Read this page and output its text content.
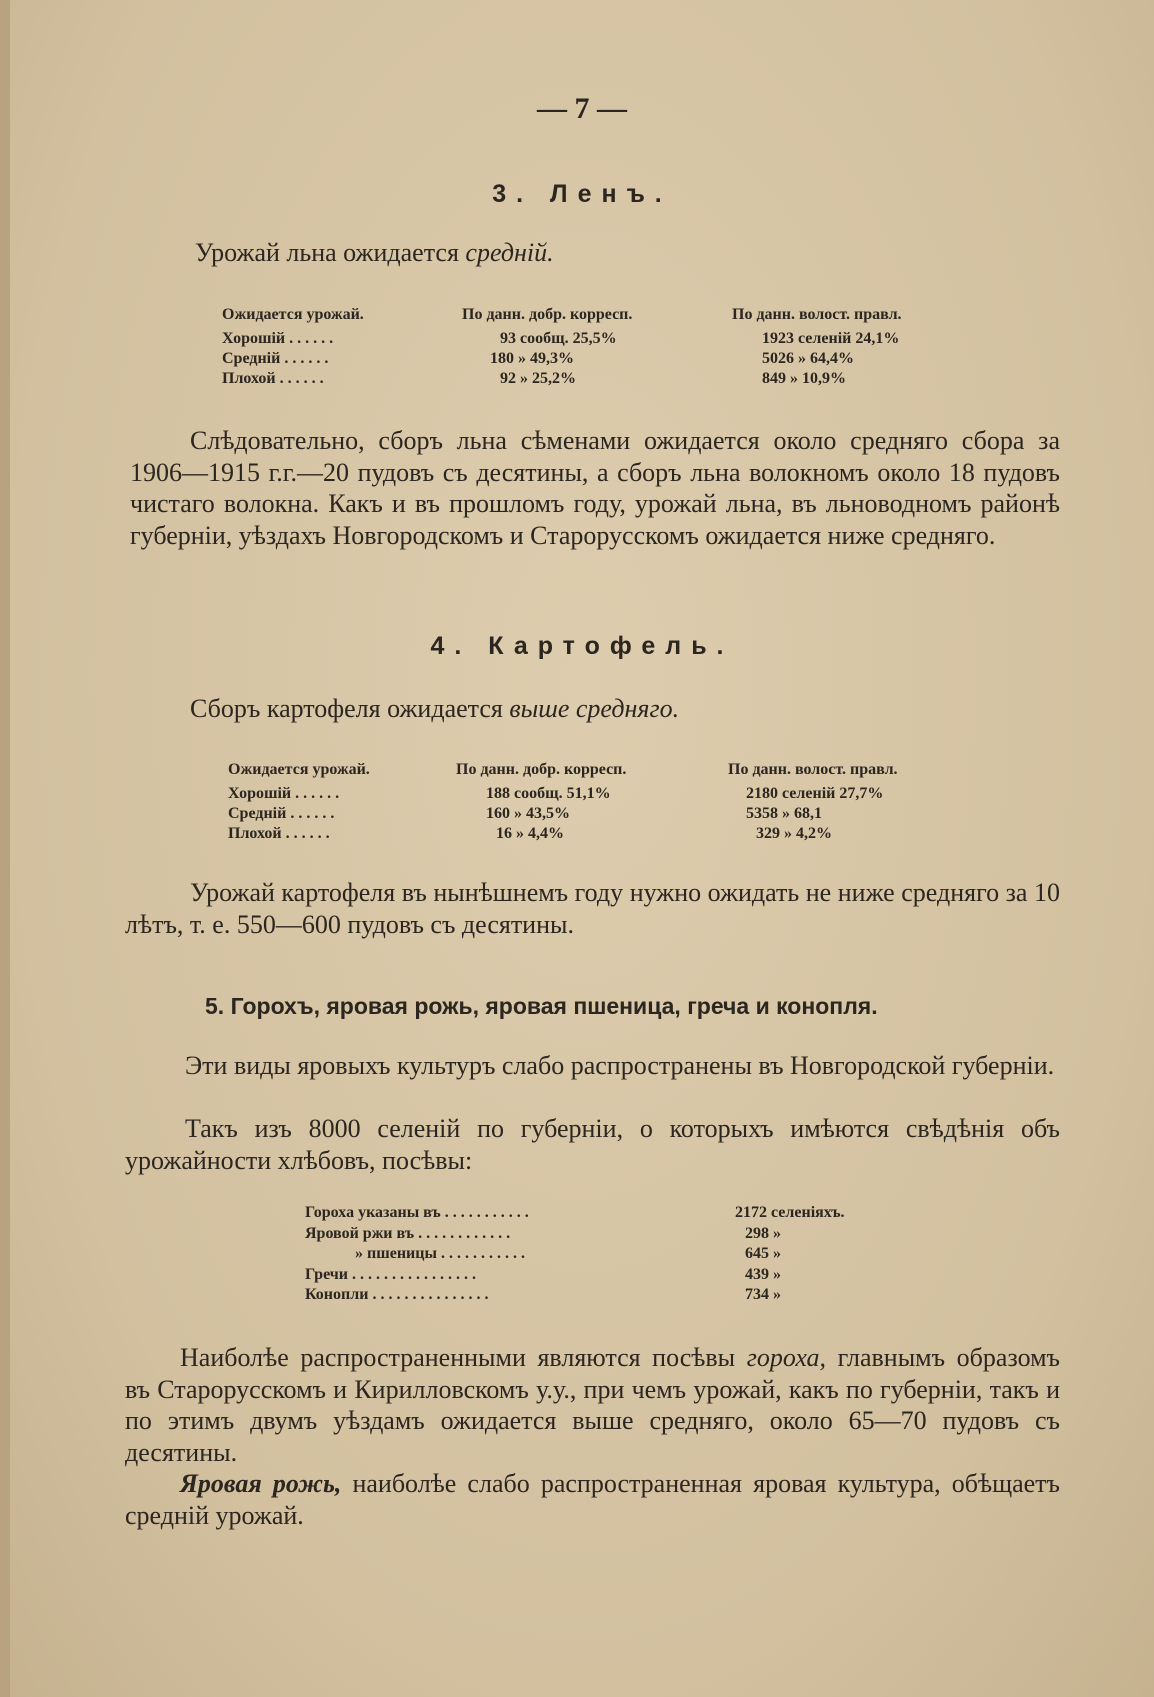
— 7 —
3. Ленъ.
Урожай льна ожидается средній.
Ожидается урожай.	По данн. добр. корресп.	По данн. волост. правл.
Хорошій . . . . . .	93 сообщ. 25,5%	1923 селеній 24,1%
Средній . . . . . .	180 » 49,3%	5026 » 64,4%
Плохой . . . . . .	92 » 25,2%	849 » 10,9%
Слѣдовательно, сборъ льна сѣменами ожидается около средняго сбора за 1906—1915 г.г.—20 пудовъ съ десятины, а сборъ льна волокномъ около 18 пудовъ чистаго волокна. Какъ и въ прошломъ году, урожай льна, въ льноводномъ районѣ губерніи, уѣздахъ Новгородскомъ и Старорусскомъ ожидается ниже средняго.
4. Картофель.
Сборъ картофеля ожидается выше средняго.
Ожидается урожай.	По данн. добр. корресп.	По данн. волост. правл.
Хорошій . . . . . .	188 сообщ. 51,1%	2180 селеній 27,7%
Средній . . . . . .	160 » 43,5%	5358 » 68,1
Плохой . . . . . .	16 » 4,4%	329 » 4,2%
Урожай картофеля въ нынѣшнемъ году нужно ожидать не ниже средняго за 10 лѣтъ, т. е. 550—600 пудовъ съ десятины.
5. Горохъ, яровая рожь, яровая пшеница, греча и конопля.
Эти виды яровыхъ культуръ слабо распространены въ Новгородской губерніи.
Такъ изъ 8000 селеній по губерніи, о которыхъ имѣются свѣдѣнія объ урожайности хлѣбовъ, посѣвы:
Гороха указаны въ . . . . . . . . . . .	2172 селеніяхъ.
Яровой ржи въ . . . . . . . . . . . .	298 »
» пшеницы . . . . . . . . . . .	645 »
Гречи . . . . . . . . . . . . . . . .	439 »
Конопли . . . . . . . . . . . . . . .	734 »
Наиболѣе распространенными являются посѣвы гороха, главнымъ образомъ въ Старорусскомъ и Кирилловскомъ у.у., при чемъ урожай, какъ по губерніи, такъ и по этимъ двумъ уѣздамъ ожидается выше средняго, около 65—70 пудовъ съ десятины.
Яровая рожь, наиболѣе слабо распространенная яровая культура, обѣщаетъ средній урожай.
